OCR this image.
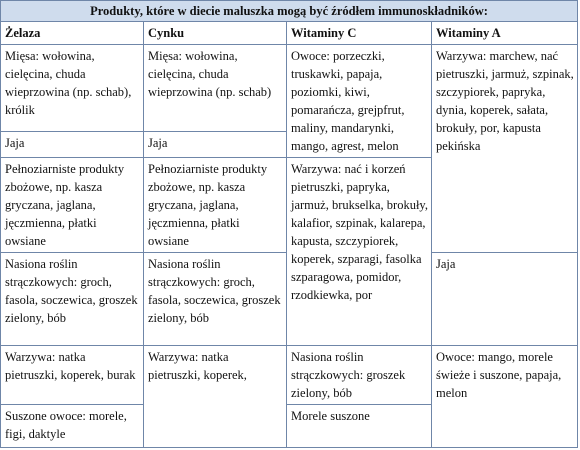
Produkty, które w diecie maluszka mogą być źródłem immunoskładników:			
Żelaza	Cynku	Witaminy C	Witaminy A
Mięsa: wołowina, cielęcina, chuda wieprzowina (np. schab), królik	Mięsa: wołowina, cielęcina, chuda wieprzowina (np. schab)	Owoce: porzeczki, truskawki, papaja, poziomki, kiwi, pomarańcza, grejpfrut, maliny, mandarynki, mango, agrest, melon	Warzywa: marchew, nać pietruszki, jarmuż, szpinak, szczypiorek, papryka, dynia, koperek, sałata, brokuły, por, kapusta pekińska
Jaja	Jaja		
Pełnoziarniste produkty zbożowe, np. kasza gryczana, jaglana, jęczmienna, płatki owsiane	Pełnoziarniste produkty zbożowe, np. kasza gryczana, jaglana, jęczmienna, płatki owsiane	Warzywa: nać i korzeń pietruszki, papryka, jarmuż, brukselka, brokuły, kalafior, szpinak, kalarepa, kapusta, szczypiorek, koperek, szparagi, fasolka szparagowa, pomidor, rzodkiewka, por	
Nasiona roślin strączkowych: groch, fasola, soczewica, groszek zielony, bób	Nasiona roślin strączkowych: groch, fasola, soczewica, groszek zielony, bób		Jaja
Warzywa: natka pietruszki, koperek, burak	Warzywa: natka pietruszki, koperek,	Nasiona roślin strączkowych: groszek zielony, bób	Owoce: mango, morele świeże i suszone, papaja, melon
Suszone owoce: morele, figi, daktyle		Morele suszone	
